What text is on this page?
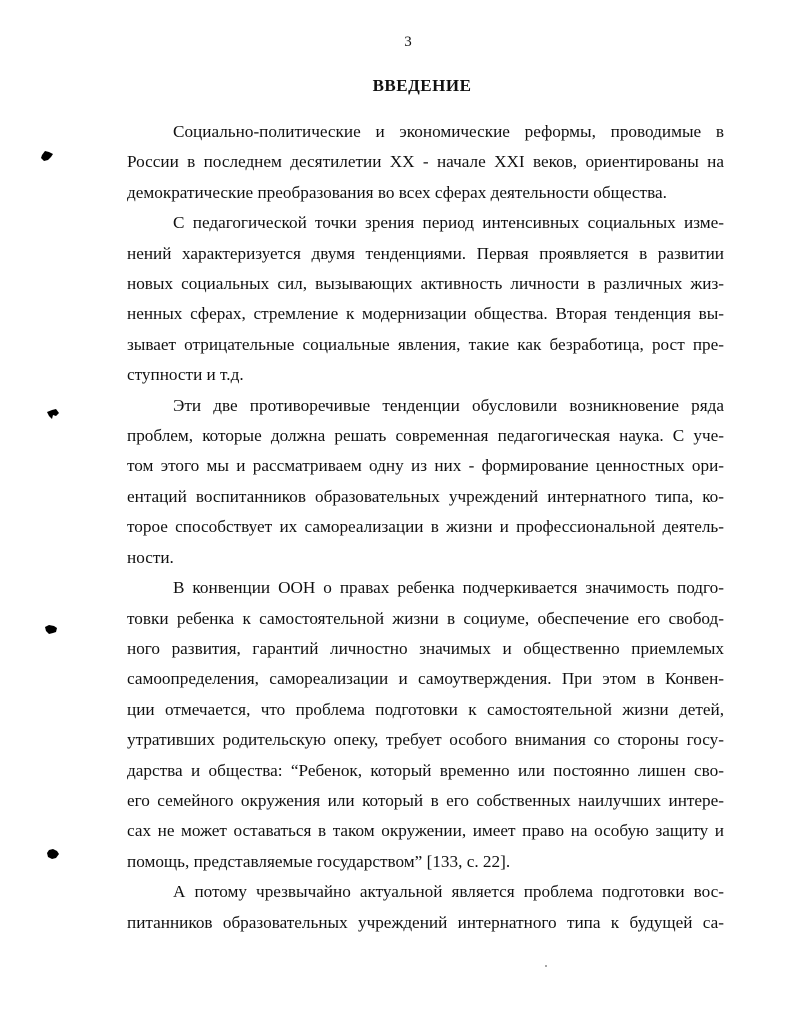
3
ВВЕДЕНИЕ

Социально-политические и экономические реформы, проводимые в
России в последнем десятилетии XX - начале XXI веков, ориентированы на
демократические преобразования во всех сферах деятельности общества.

С педагогической точки зрения период интенсивных социальных изме-
нений характеризуется двумя тенденциями. Первая проявляется в развитии
новых социальных сил, вызывающих активность личности в различных жиз-
ненных сферах, стремление к модернизации общества. Вторая тенденция вы-
зывает отрицательные социальные явления, такие как безработица, рост пре-
ступности и т.д.

Эти две противоречивые тенденции обусловили возникновение ряда
проблем, которые должна решать современная педагогическая наука. С уче-
том этого мы и рассматриваем одну из них - формирование ценностных ори-
ентаций воспитанников образовательных учреждений интернатного типа, ко-
торое способствует их самореализации в жизни и профессиональной деятель-
ности.

В конвенции ООН о правах ребенка подчеркивается значимость подго-
товки ребенка к самостоятельной жизни в социуме, обеспечение его свобод-
ного развития, гарантий личностно значимых и общественно приемлемых
самоопределения, самореализации и самоутверждения. При этом в Конвен-
ции отмечается, что проблема подготовки к самостоятельной жизни детей,
утративших родительскую опеку, требует особого внимания со стороны госу-
дарства и общества: “Ребенок, который временно или постоянно лишен сво-
его семейного окружения или который в его собственных наилучших интере-
сах не может оставаться в таком окружении, имеет право на особую защиту и
помощь, представляемые государством” [133, с. 22].

А потому чрезвычайно актуальной является проблема подготовки вос-
питанников образовательных учреждений интернатного типа к будущей са-
